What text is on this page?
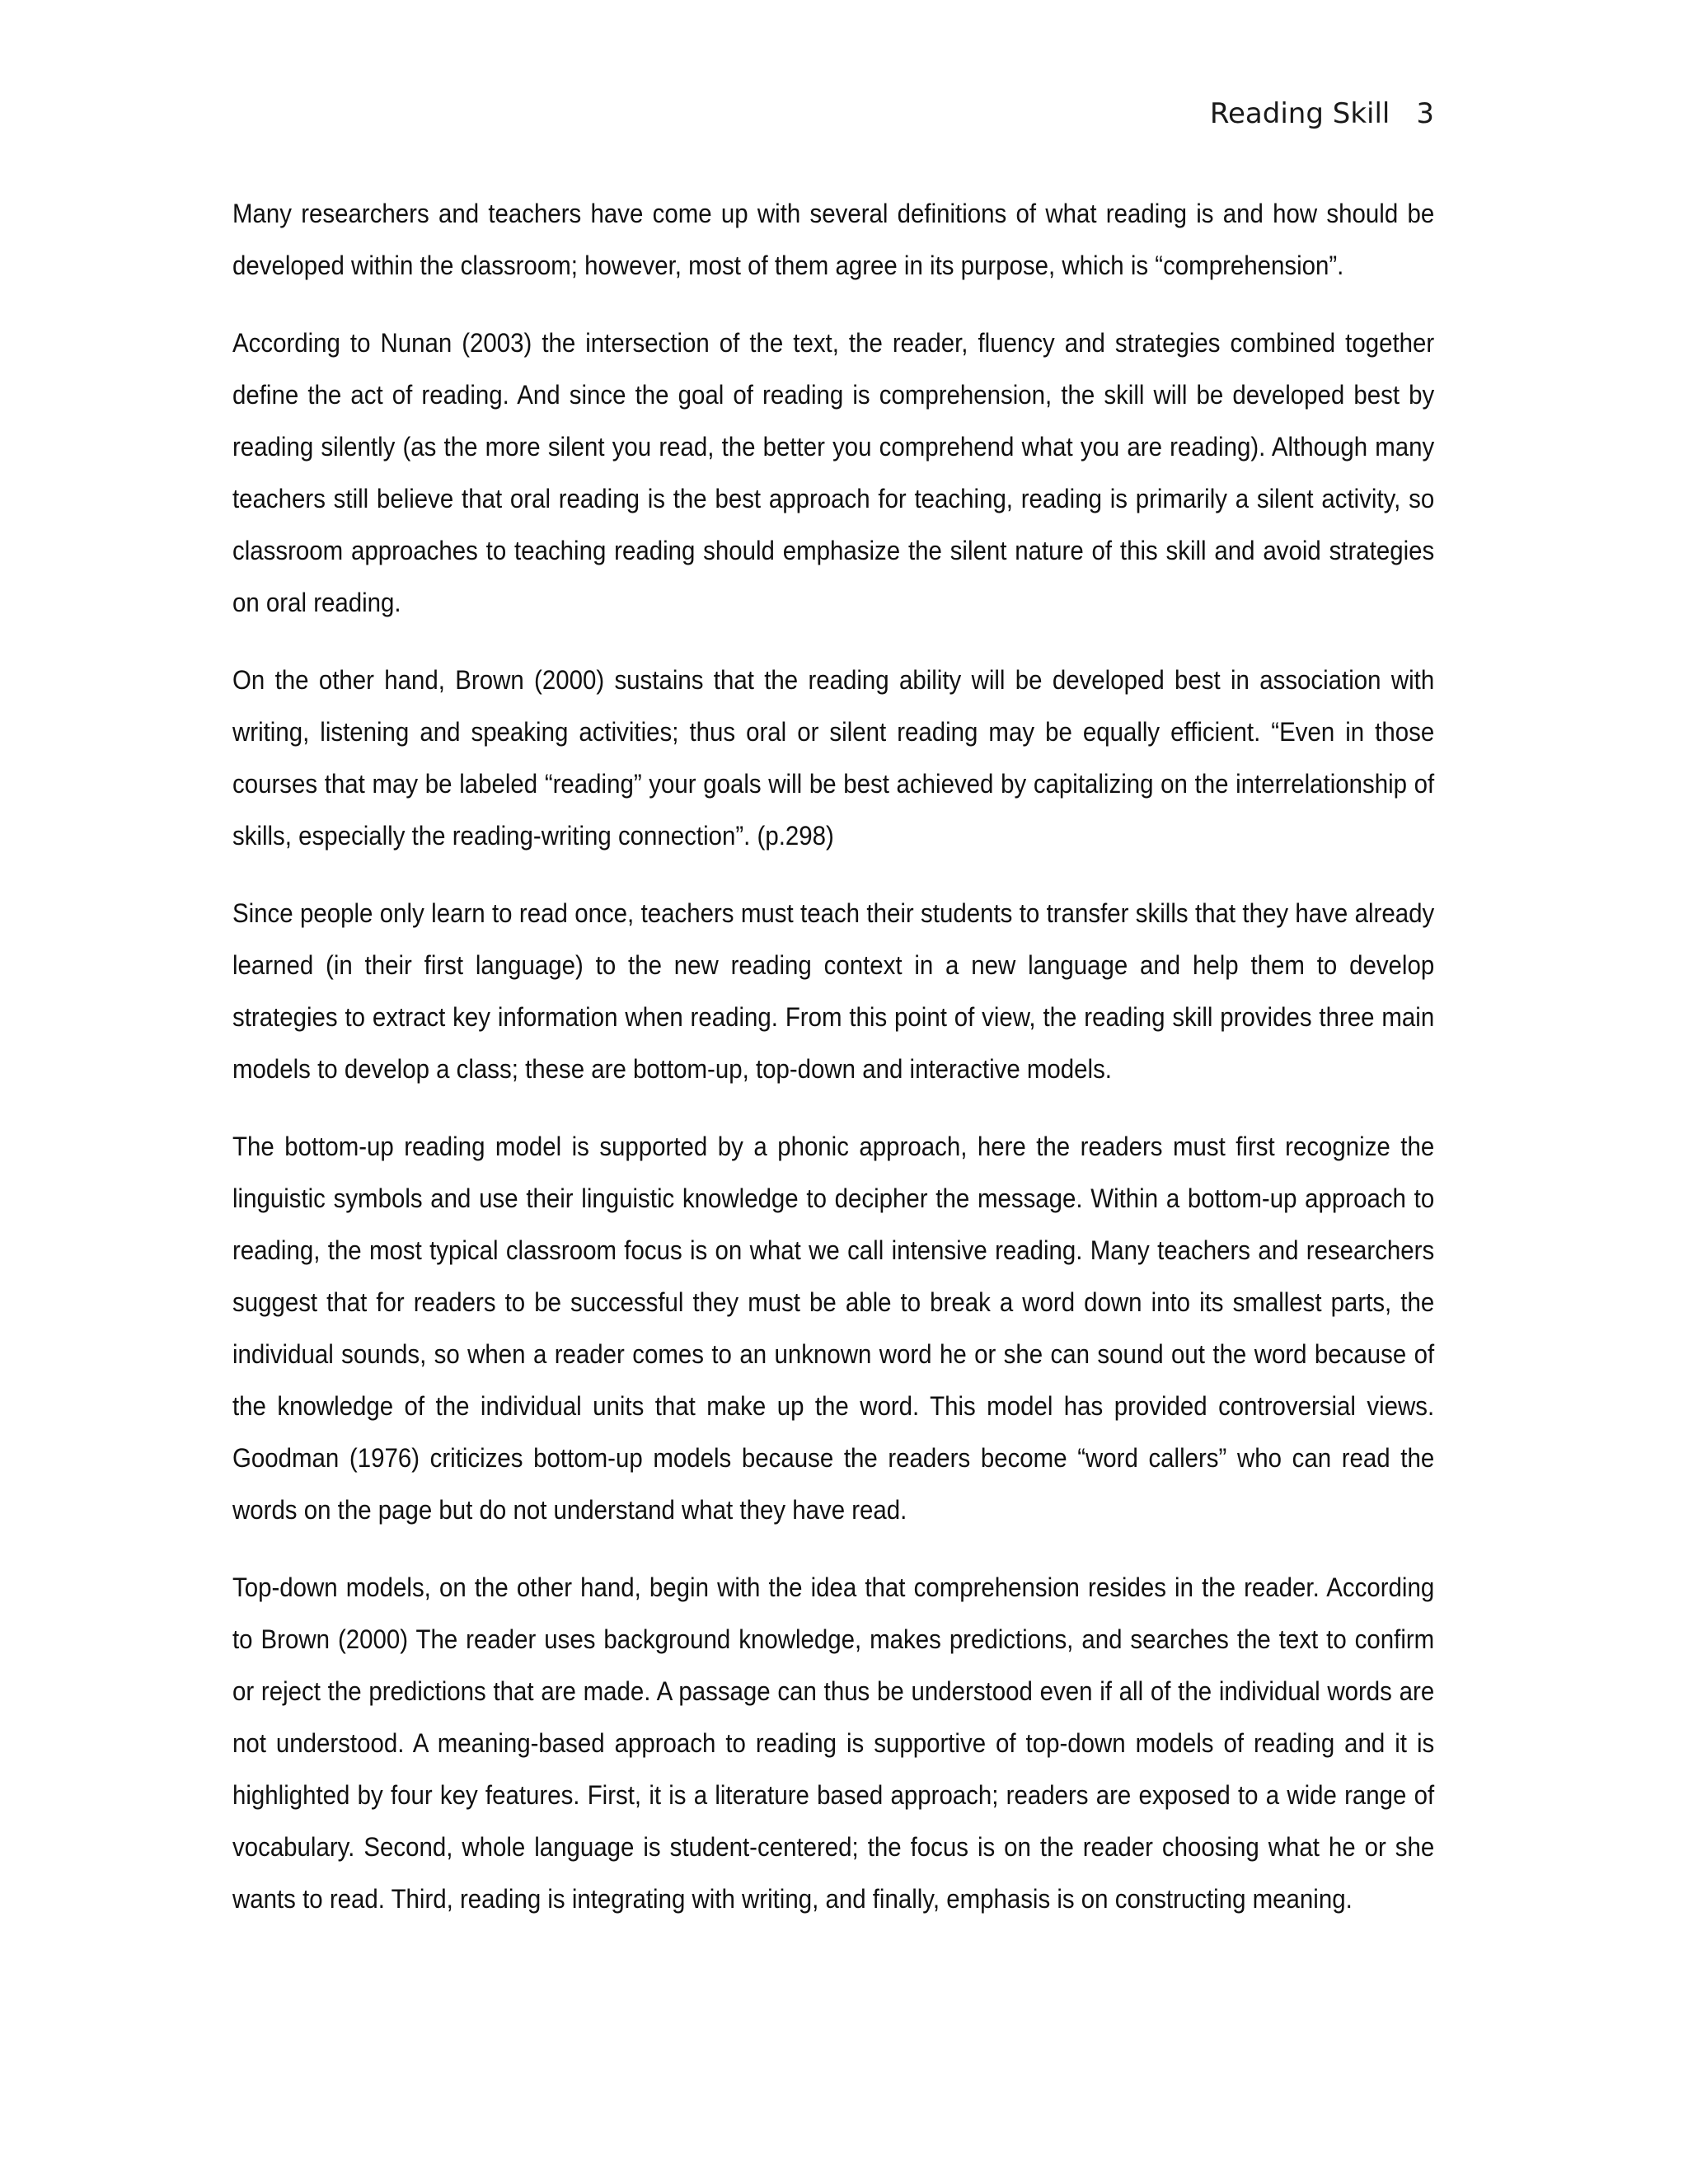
Reading Skill 3

Many researchers and teachers have come up with several definitions of what reading is and how should be developed within the classroom; however, most of them agree in its purpose, which is “comprehension”.

According to Nunan (2003) the intersection of the text, the reader, fluency and strategies combined together define the act of reading. And since the goal of reading is comprehension, the skill will be developed best by reading silently (as the more silent you read, the better you comprehend what you are reading). Although many teachers still believe that oral reading is the best approach for teaching, reading is primarily a silent activity, so classroom approaches to teaching reading should emphasize the silent nature of this skill and avoid strategies on oral reading.

On the other hand, Brown (2000) sustains that the reading ability will be developed best in association with writing, listening and speaking activities; thus oral or silent reading may be equally efficient. “Even in those courses that may be labeled “reading” your goals will be best achieved by capitalizing on the interrelationship of skills, especially the reading-writing connection”. (p.298)

Since people only learn to read once, teachers must teach their students to transfer skills that they have already learned (in their first language) to the new reading context in a new language and help them to develop strategies to extract key information when reading. From this point of view, the reading skill provides three main models to develop a class; these are bottom-up, top-down and interactive models.

The bottom-up reading model is supported by a phonic approach, here the readers must first recognize the linguistic symbols and use their linguistic knowledge to decipher the message. Within a bottom-up approach to reading, the most typical classroom focus is on what we call intensive reading. Many teachers and researchers suggest that for readers to be successful they must be able to break a word down into its smallest parts, the individual sounds, so when a reader comes to an unknown word he or she can sound out the word because of the knowledge of the individual units that make up the word. This model has provided controversial views. Goodman (1976) criticizes bottom-up models because the readers become “word callers” who can read the words on the page but do not understand what they have read.

Top-down models, on the other hand, begin with the idea that comprehension resides in the reader. According to Brown (2000) The reader uses background knowledge, makes predictions, and searches the text to confirm or reject the predictions that are made. A passage can thus be understood even if all of the individual words are not understood. A meaning-based approach to reading is supportive of top-down models of reading and it is highlighted by four key features. First, it is a literature based approach; readers are exposed to a wide range of vocabulary. Second, whole language is student-centered; the focus is on the reader choosing what he or she wants to read. Third, reading is integrating with writing, and finally, emphasis is on constructing meaning.
